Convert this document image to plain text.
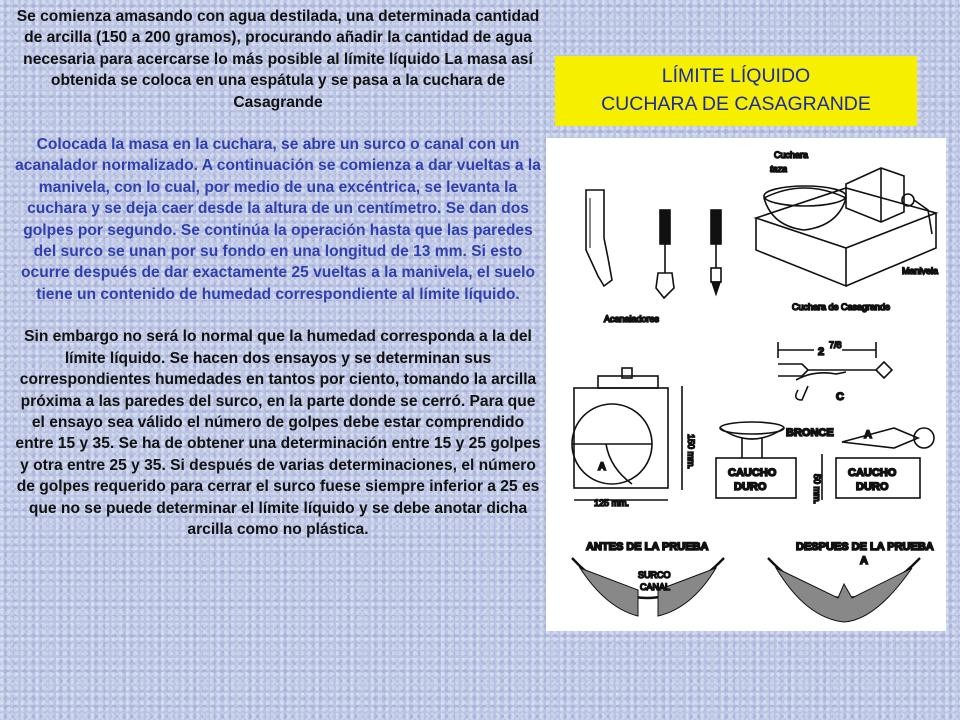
Se comienza amasando con agua destilada, una determinada cantidad de arcilla (150 a 200 gramos), procurando añadir la cantidad de agua necesaria para acercarse lo más posible al límite líquido La masa así obtenida se coloca en una espátula y se pasa a la cuchara de Casagrande

Colocada la masa en la cuchara, se abre un surco o canal con un acanalador normalizado. A continuación se comienza a dar vueltas a la manivela, con lo cual, por medio de una excéntrica, se levanta la cuchara y se deja caer desde la altura de un centímetro. Se dan dos golpes por segundo. Se continúa la operación hasta que las paredes del surco se unan por su fondo en una longitud de 13 mm. Si esto ocurre después de dar exactamente 25 vueltas a la manivela, el suelo tiene un contenido de humedad correspondiente al límite líquido.

Sin embargo no será lo normal que la humedad corresponda a la del límite líquido. Se hacen dos ensayos y se determinan sus correspondientes humedades en tantos por ciento, tomando la arcilla próxima a las paredes del surco, en la parte donde se cerró. Para que el ensayo sea válido el número de golpes debe estar comprendido entre 15 y 35. Se ha de obtener una determinación entre 15 y 25 golpes y otra entre 25 y 35. Si después de varias determinaciones, el número de golpes requerido para cerrar el surco fuese siempre inferior a 25 es que no se puede determinar el límite líquido y se debe anotar dicha arcilla como no plástica.

LÍMITE LÍQUIDO
CUCHARA DE CASAGRANDE
Acanaladores
Cuchara
taza
Manivela
Cuchara de Casagrande
2
7/8
C
A	150 mm.
125 mm.
BRONCE
CAUCHO
DURO
A
50 mm.
CAUCHO
DURO
ANTES DE LA PRUEBA	DESPUES DE LA PRUEBA
SURCO
CANAL
A
